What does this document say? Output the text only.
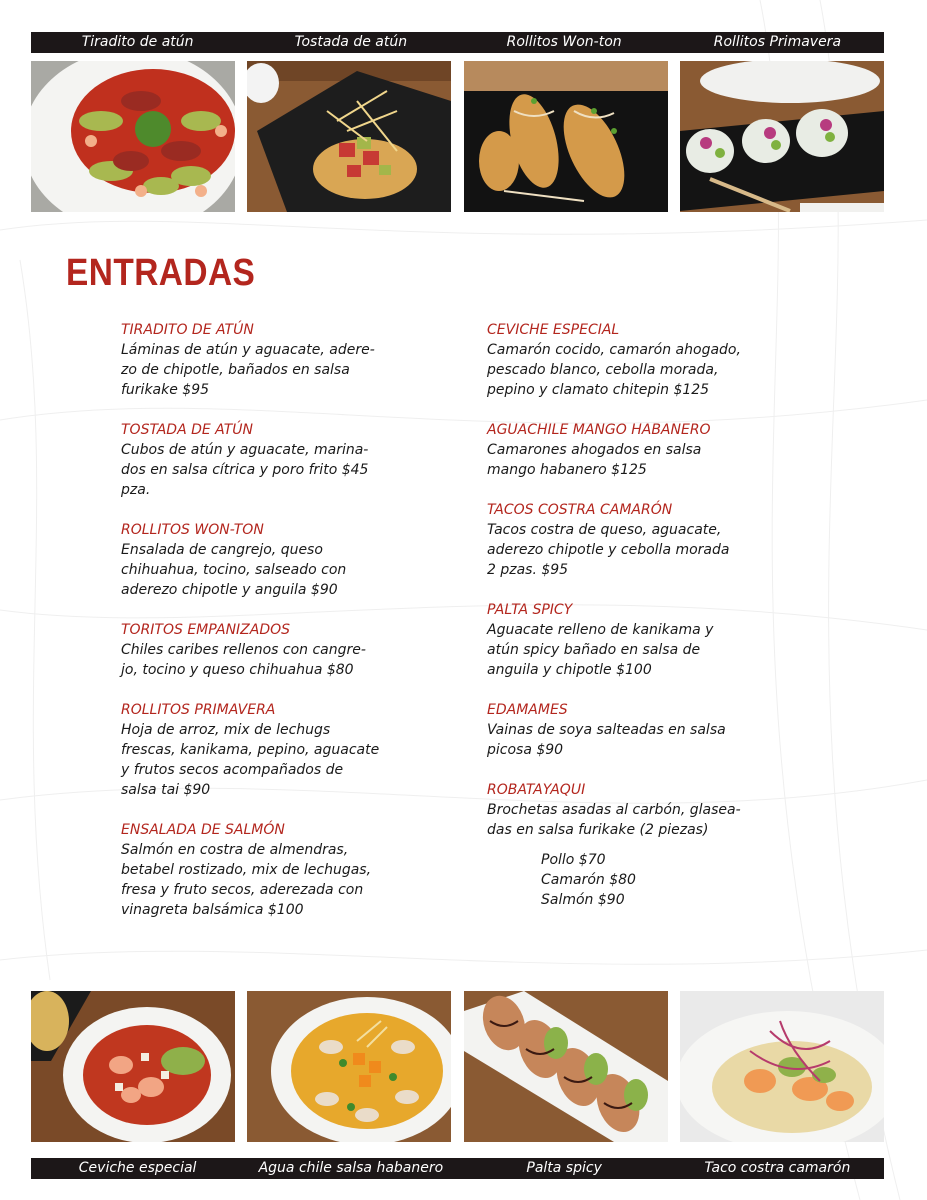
Tiradito de atún	Tostada de atún	Rollitos Won-ton	Rollitos Primavera
ENTRADAS
TIRADITO DE ATÚN
Láminas de atún y aguacate, adere-
zo de chipotle, bañados en salsa
furikake $95
TOSTADA DE ATÚN
Cubos de atún y aguacate, marina-
dos en salsa cítrica y poro frito $45
pza.
ROLLITOS WON-TON
Ensalada de cangrejo, queso
chihuahua, tocino, salseado con
aderezo chipotle y anguila $90
TORITOS EMPANIZADOS
Chiles caribes rellenos con cangre-
jo, tocino y queso chihuahua $80
ROLLITOS PRIMAVERA
Hoja de arroz, mix de lechugs
frescas, kanikama, pepino, aguacate
y frutos secos acompañados de
salsa tai $90
ENSALADA DE SALMÓN
Salmón en costra de almendras,
betabel rostizado, mix de lechugas,
fresa y fruto secos, aderezada con
vinagreta balsámica $100
CEVICHE ESPECIAL
Camarón cocido, camarón ahogado,
pescado blanco, cebolla morada,
pepino y clamato chitepin $125
AGUACHILE MANGO HABANERO
Camarones ahogados en salsa
mango habanero $125
TACOS COSTRA CAMARÓN
Tacos costra de queso, aguacate,
aderezo chipotle y cebolla morada
2 pzas. $95
PALTA SPICY
Aguacate relleno de kanikama y
atún spicy bañado en salsa de
anguila y chipotle $100
EDAMAMES
Vainas de soya salteadas en salsa
picosa $90
ROBATAYAQUI
Brochetas asadas al carbón, glasea-
das en salsa furikake (2 piezas)
Pollo $70
Camarón $80
Salmón $90
Ceviche especial	Agua chile salsa habanero	Palta spicy	Taco costra camarón
